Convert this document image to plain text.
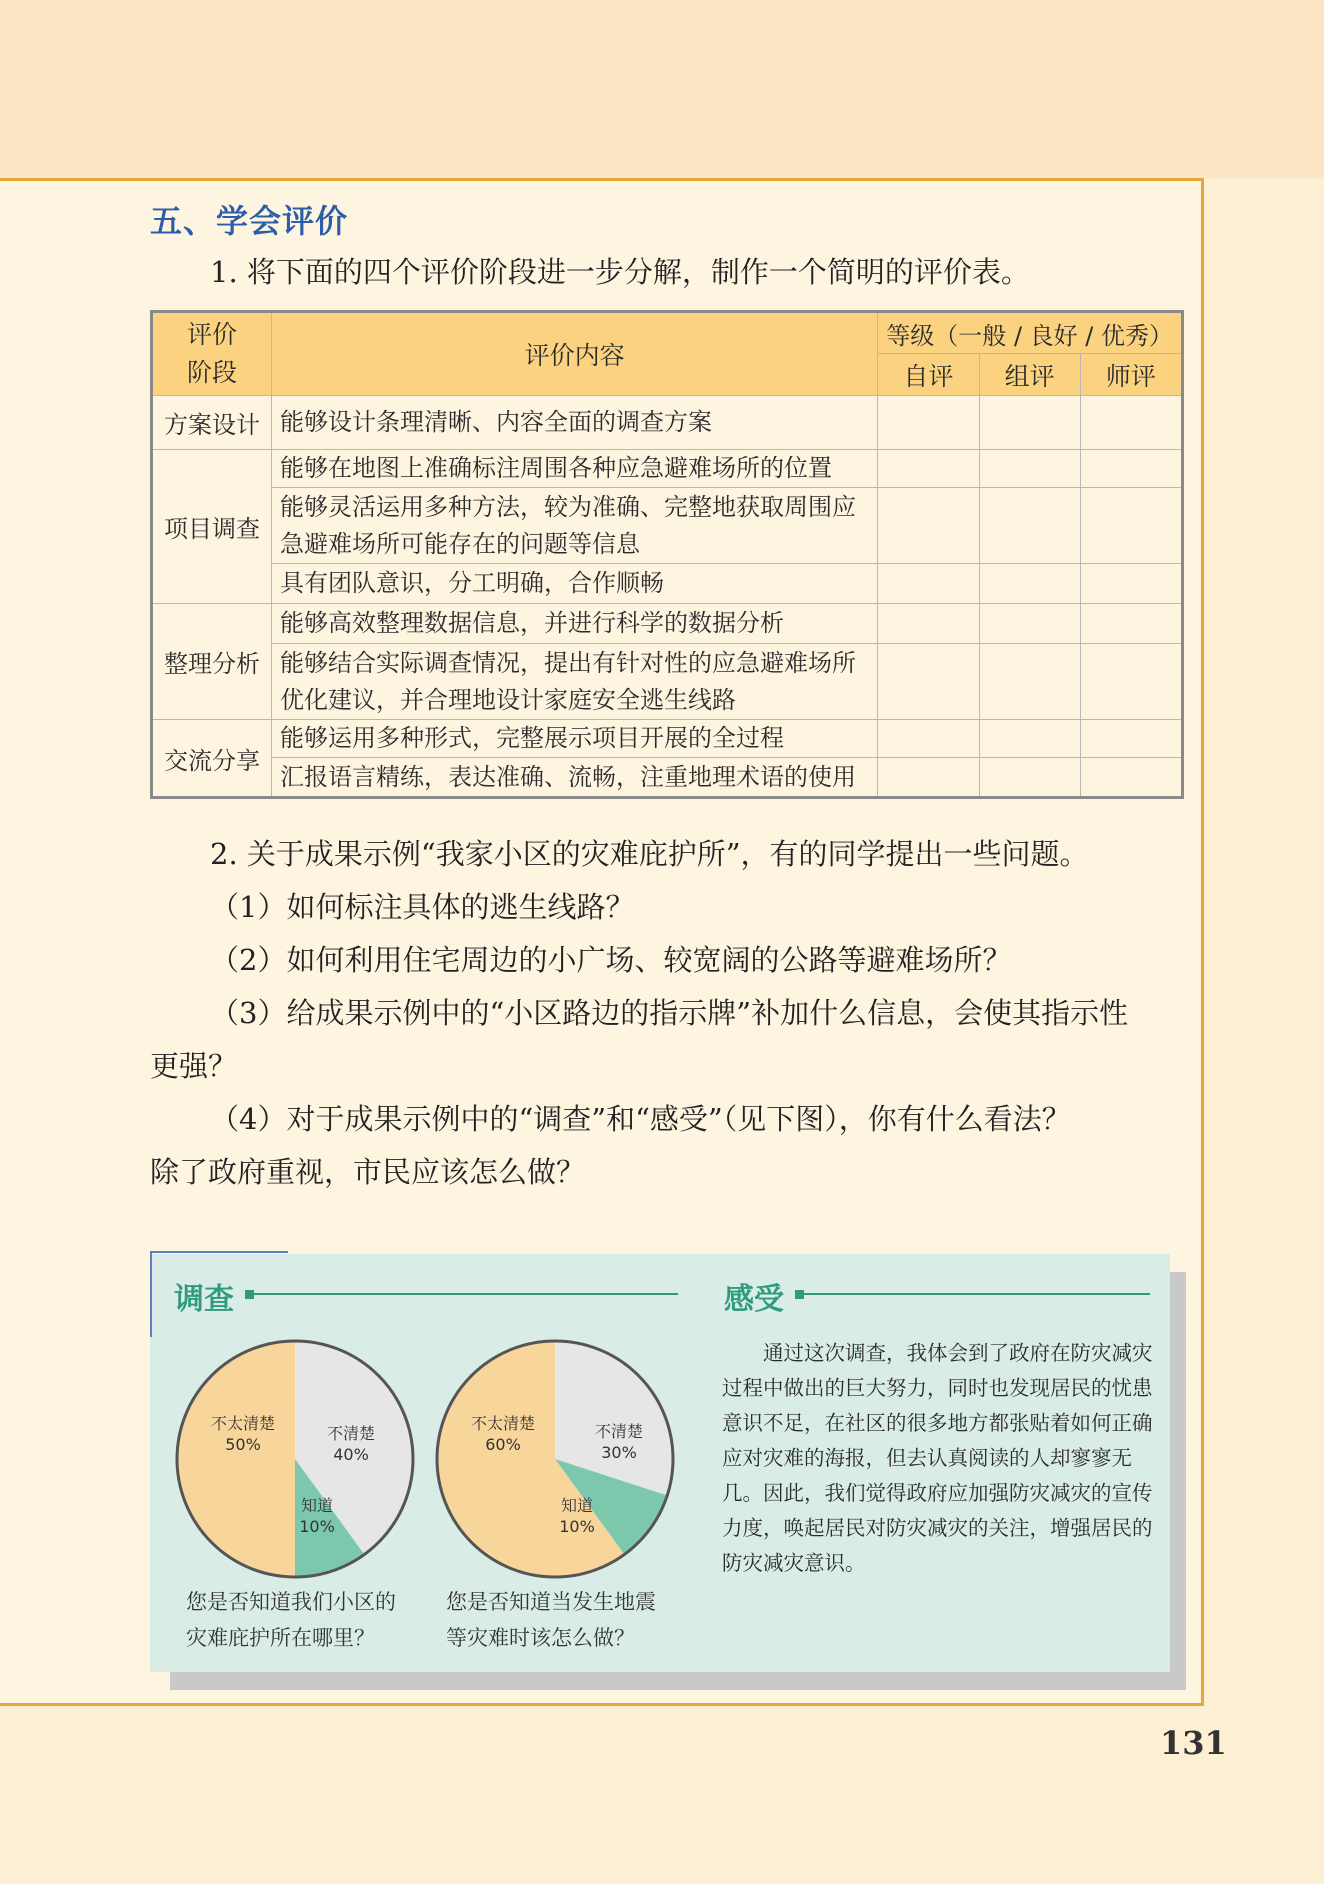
五、学会评价
1. 将下面的四个评价阶段进一步分解，制作一个简明的评价表。
评价
阶段	评价内容	等级（一般 / 良好 / 优秀）		
		自评	组评	师评
方案设计	能够设计条理清晰、内容全面的调查方案			
项目调查	能够在地图上准确标注周围各种应急避难场所的位置			

	能够灵活运用多种方法，较为准确、完整地获取周围应
急避难场所可能存在的问题等信息			

	具有团队意识，分工明确，合作顺畅			
整理分析	能够高效整理数据信息，并进行科学的数据分析			

	能够结合实际调查情况，提出有针对性的应急避难场所
优化建议，并合理地设计家庭安全逃生线路			

交流分享	能够运用多种形式，完整展示项目开展的全过程			
	汇报语言精练，表达准确、流畅，注重地理术语的使用			
2. 关于成果示例“我家小区的灾难庇护所”，有的同学提出一些问题。
（1）如何标注具体的逃生线路？
（2）如何利用住宅周边的小广场、较宽阔的公路等避难场所？
（3）给成果示例中的“小区路边的指示牌”补加什么信息，会使其指示性
更强？
（4）对于成果示例中的“调查”和“感受”（见下图），你有什么看法？
除了政府重视，市民应该怎么做？
调查	感受
不太清楚
50%
不清楚
40%
知道
10%
不太清楚
60%
不清楚
30%
知道
10%
您是否知道我们小区的
灾难庇护所在哪里？
您是否知道当发生地震
等灾难时该怎么做？

通过这次调查，我体会到了政府在防灾减灾过程中做出的巨大努力，同时也发现居民的忧患意识不足，在社区的很多地方都张贴着如何正确应对灾难的海报，但去认真阅读的人却寥寥无几。因此，我们觉得政府应加强防灾减灾的宣传力度，唤起居民对防灾减灾的关注，增强居民的防灾减灾意识。

131
